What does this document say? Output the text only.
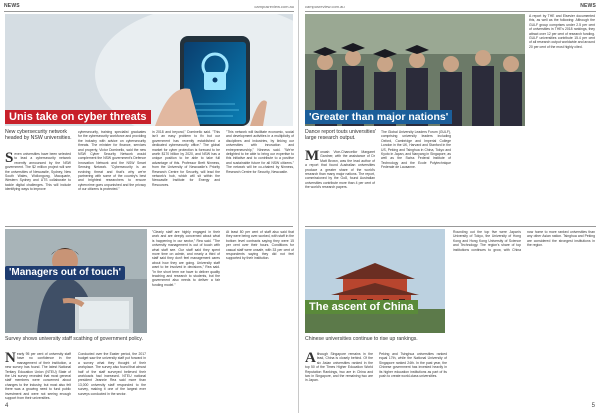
NEWS	campusreview.com.au
Unis take on cyber threats
New cybersecurity network headed by NSW universities.
S even universities have been selected to lead a cybersecurity network recently announced by the NSW government. The $2 million project will see the universities of Newcastle, Sydney, New South Wales, Wollongong, Macquarie, Western Sydney and UTS collaborate to tackle digital challenges. This will include identifying ways to improve
cybersecurity, training specialist graduates for the cybersecurity workforce and providing the industry with advice on cybersecurity threats. The minister for finance, services and property, Victor Dominello, said the new NSW Cyber Security Network would complement the NSW government's Defence Innovation Network and the NSW Smart Sensing Network. "Cybersecurity is an evolving threat and that's why we're partnering with some of the country's best and brightest researchers to ensure cybercrime goes unpunished and the privacy of our citizens is protected."
in 2018 and beyond," Dominello said. "This isn't an easy problem to fix but our government has recently established a dedicated cybersecurity office." The global market for cyber protection is forecast to be worth $170 billion by 2020, and NSW has a unique position to be able to take full advantage of this. Professor Brett Ninness, from the University of Newcastle's Priority Research Centre for Security, will lead the network's hub, which will sit within the Newcastle Institute for Energy and Resources.
"This network will facilitate economic, social and development activities in a multiplicity of disciplines and industries, by linking our universities with innovation and entrepreneurship," Ninness said. "We're delighted to be able to bring our expertise to this initiative and to contribute to a positive and sustainable future for all NSW citizens." The network will be co-chaired by Ninness, Research Centre for Security, Newcastle.
'Managers out of touch'
Survey shows university staff scathing of government policy.
N early 95 per cent of university staff have no confidence in the management of their institution, a new survey has found. The latest National Tertiary Education Union (NTEU) State of the Uni survey revealed that most general staff members were concerned about changes to the industry, but most also felt there was a growing need to fund public investment and were not seeing enough support from their universities.
Conducted over the Easter period, the 2017 budget saw the university staff put forward in a survey what they thought of their workplace. The survey also found that almost half of the staff surveyed believed their workloads had increased. NTEU national president Jeannie Rea said more than 13,000 university staff responded to the survey, making it one of the largest ever surveys conducted in the sector.
"Clearly staff are highly engaged in their work and are deeply concerned about what is happening in our sector," Rea said. "The university management is out of touch with what staff see. Our staff said they spent more time on admin, and nearly a third of staff said they don't feel management cares about how they are going. University staff want to be involved in decisions," Rea said. "In the short term we have to deliver quality teaching and research to students, but the government also needs to deliver a fair funding model."
At least 80 per cent of staff also said that they were being over-worked, with staff in the bottom level contracts saying they were 15 per cent over their hours. Conditions for casual staff were unsafe, with 33 per cent of respondents saying they did not feel supported by their institution.
4
campusreview.com.au	NEWS
'Greater than major nations'
Dance report touts universities' large research output.
M onash Vice-Chancellor Margaret Gardner, with the assistance of Dr Matt Brown, was the lead author of a report that found Australian universities produce a greater share of the world's research than many major nations. The report, commissioned by the Go8, found Australian universities contribute more than 4 per cent of the world's research papers.
The Global University Leaders Forum (GULF), comprising university leaders including Oxford, Cambridge and Imperial College London in the UK, Harvard and Stanford in the US, Peking and Tsinghua in China, Tokyo and Kyoto in Japan, and Nanyang in Singapore, as well as the Swiss Federal Institute of Technology and the Ecole Polytechnique Federale de Lausanne.
A report by THE and Elsevier documented this, as well as the following: Although the GULF group comprises under 2.5 per cent of universities in THE's 2018 rankings, they attract over 12 per cent of research funding. GULF universities contribute 15.4 per cent of all research output worldwide and around 20 per cent of the most highly cited.
The ascent of China
Chinese universities continue to rise up rankings.
A lthough Singapore remains in the lead, China is closely behind. Of the six Asian universities ranked in the top 50 of the Times Higher Education World Reputation Rankings, two are in China and two in Singapore, and the remaining two are in Japan.
Peking and Tsinghua universities ranked equal 17th, while the National University of Singapore ranked 24th. In the past year, the Chinese government has invested heavily in its higher education institutions as part of its push to create world-class universities.
Rounding out the top five were Japan's University of Tokyo, the University of Hong Kong and Hong Kong University of Science and Technology. The region's share of top institutions continues to grow, with China now home to more ranked universities than any other Asian nation. Tsinghua and Peking are considered the strongest institutions in the region.
5
